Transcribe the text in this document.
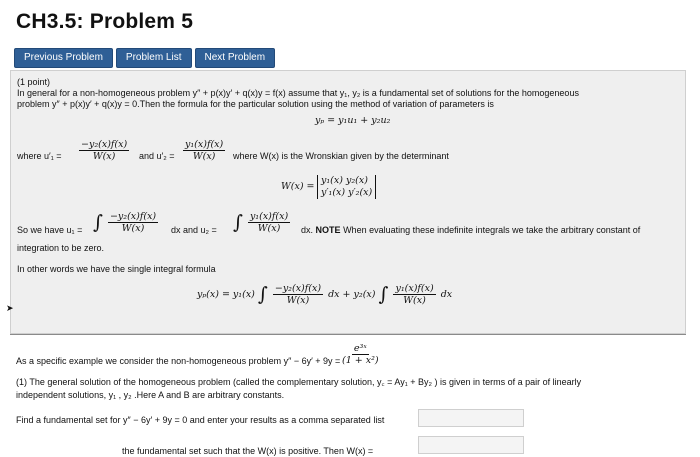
CH3.5: Problem 5
Previous Problem	Problem List	Next Problem
(1 point)
In general for a non-homogeneous problem y″ + p(x)y′ + q(x)y = f(x) assume that y₁, y₂ is a fundamental set of solutions for the homogeneous
problem y″ + p(x)y′ + q(x)y = 0.Then the formula for the particular solution using the method of variation of parameters is
yₚ = y₁u₁ + y₂u₂
where $u'_1 = \frac{\text{−y₂(x)f(x)}}{W(x)}$ and $u'_2 = \frac{\text{y₁(x)f(x)}}{W(x)}$ where W(x) is the Wronskian given by the determinant
W(x) =
y₁(x) y₂(x)
y′₁(x) y′₂(x)
So we have u₁ = ∫ $\frac{\text{−y₂(x)f(x)}}{W(x)}$ dx and u₂ = ∫ $\frac{\text{y₁(x)f(x)}}{W(x)}$ dx. NOTE When evaluating these indefinite integrals we take the arbitrary constant of
integration to be zero.
In other words we have the single integral formula
yₚ(x) = y₁(x) ∫ $\frac{\text{−y₂(x)f(x)}}{W(x)}$ dx + y₂(x) ∫ $\frac{\text{y₁(x)f(x)}}{W(x)}$ dx
➤
As a specific example we consider the non-homogeneous problem $y'' - 6y' + 9y = \frac{\text{e³ˣ}}{\text{(1 + x²)}}$
(1) The general solution of the homogeneous problem (called the complementary solution, y꜀ = Ay₁ + By₂ ) is given in terms of a pair of linearly
independent solutions, y₁ , y₂ .Here A and B are arbitrary constants.
Find a fundamental set for y″ − 6y′ + 9y = 0 and enter your results as a comma separated list
the fundamental set such that the W(x) is positive. Then W(x) =
